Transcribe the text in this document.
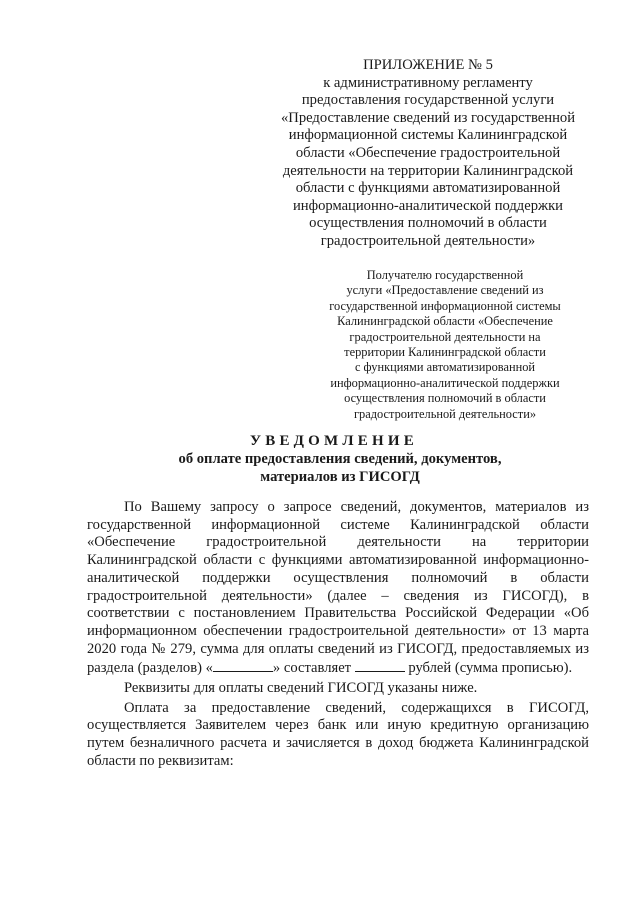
ПРИЛОЖЕНИЕ № 5
к административному регламенту
предоставления государственной услуги
«Предоставление сведений из государственной
информационной системы Калининградской
области «Обеспечение градостроительной
деятельности на территории Калининградской
области с функциями автоматизированной
информационно-аналитической поддержки
осуществления полномочий в области
градостроительной деятельности»
Получателю государственной
услуги «Предоставление сведений из
государственной информационной системы
Калининградской области «Обеспечение
градостроительной деятельности на
территории Калининградской области
с функциями автоматизированной
информационно-аналитической поддержки
осуществления полномочий в области
градостроительной деятельности»
УВЕДОМЛЕНИЕ
об оплате предоставления сведений, документов,
материалов из ГИСОГД

По Вашему запросу о запросе сведений, документов, материалов из государственной информационной системе Калининградской области «Обеспечение градостроительной деятельности на территории Калининградской области с функциями автоматизированной информационно-аналитической поддержки осуществления полномочий в области градостроительной деятельности» (далее – сведения из ГИСОГД), в соответствии с постановлением Правительства Российской Федерации «Об информационном обеспечении градостроительной деятельности» от 13 марта 2020 года № 279, сумма для оплаты сведений из ГИСОГД, предоставляемых из раздела (разделов) «	» составляет	рублей (сумма прописью).

Реквизиты для оплаты сведений ГИСОГД указаны ниже.

Оплата за предоставление сведений, содержащихся в ГИСОГД, осуществляется Заявителем через банк или иную кредитную организацию путем безналичного расчета и зачисляется в доход бюджета Калининградской области по реквизитам:
